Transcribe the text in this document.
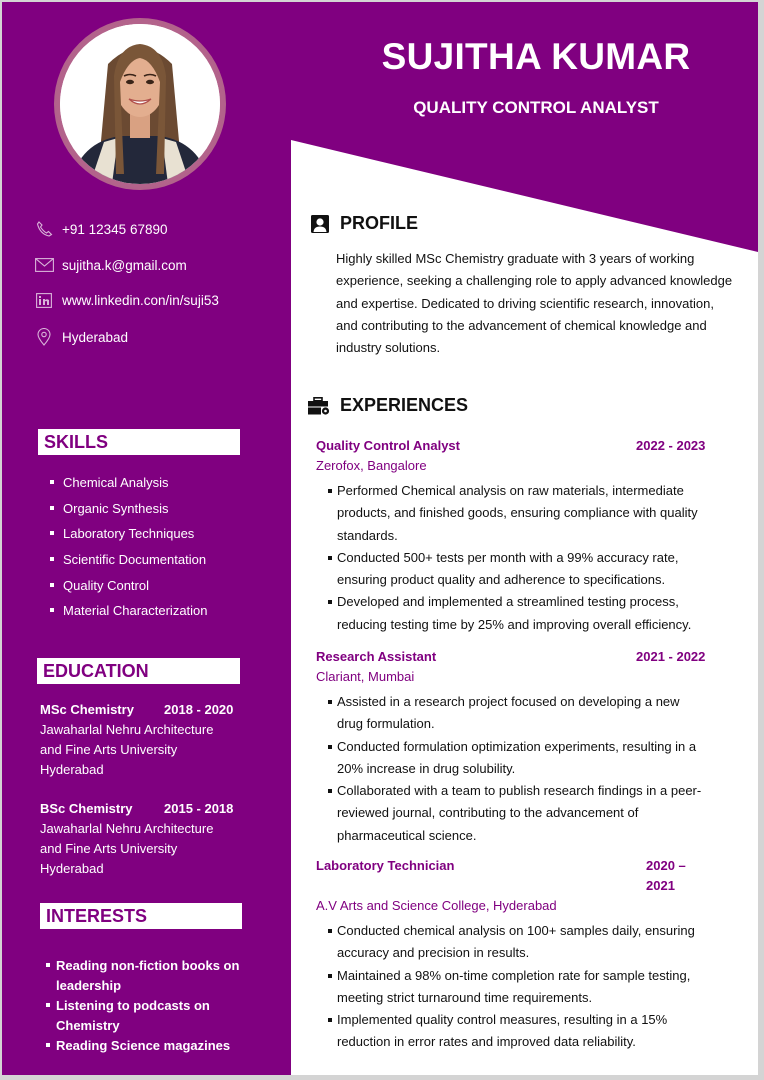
+91 12345 67890
sujitha.k@gmail.com
www.linkedin.con/in/suji53
Hyderabad
SKILLS
Chemical Analysis
Organic Synthesis
Laboratory Techniques
Scientific Documentation
Quality Control
Material Characterization
EDUCATION
MSc Chemistry	2018 - 2020
Jawaharlal Nehru Architecture
and Fine Arts University
Hyderabad
BSc Chemistry	2015 - 2018
Jawaharlal Nehru Architecture
and Fine Arts University
Hyderabad
INTERESTS
Reading non-fiction books on leadership
Listening to podcasts on Chemistry
Reading Science magazines
SUJITHA KUMAR
QUALITY CONTROL ANALYST
PROFILE

Highly skilled MSc Chemistry graduate with 3 years of working experience, seeking a challenging role to apply advanced knowledge and expertise. Dedicated to driving scientific research, innovation, and contributing to the advancement of chemical knowledge and industry solutions.

EXPERIENCES
Quality Control Analyst	2022 - 2023
Zerofox, Bangalore
Performed Chemical analysis on raw materials, intermediate products, and finished goods, ensuring compliance with quality standards.
Conducted 500+ tests per month with a 99% accuracy rate, ensuring product quality and adherence to specifications.
Developed and implemented a streamlined testing process, reducing testing time by 25% and improving overall efficiency.
Research Assistant	2021 - 2022
Clariant, Mumbai
Assisted in a research project focused on developing a new drug formulation.
Conducted formulation optimization experiments, resulting in a 20% increase in drug solubility.
Collaborated with a team to publish research findings in a peer-reviewed journal, contributing to the advancement of pharmaceutical science.
Laboratory Technician	2020 – 2021
A.V Arts and Science College, Hyderabad
Conducted chemical analysis on 100+ samples daily, ensuring accuracy and precision in results.
Maintained a 98% on-time completion rate for sample testing, meeting strict turnaround time requirements.
Implemented quality control measures, resulting in a 15% reduction in error rates and improved data reliability.
